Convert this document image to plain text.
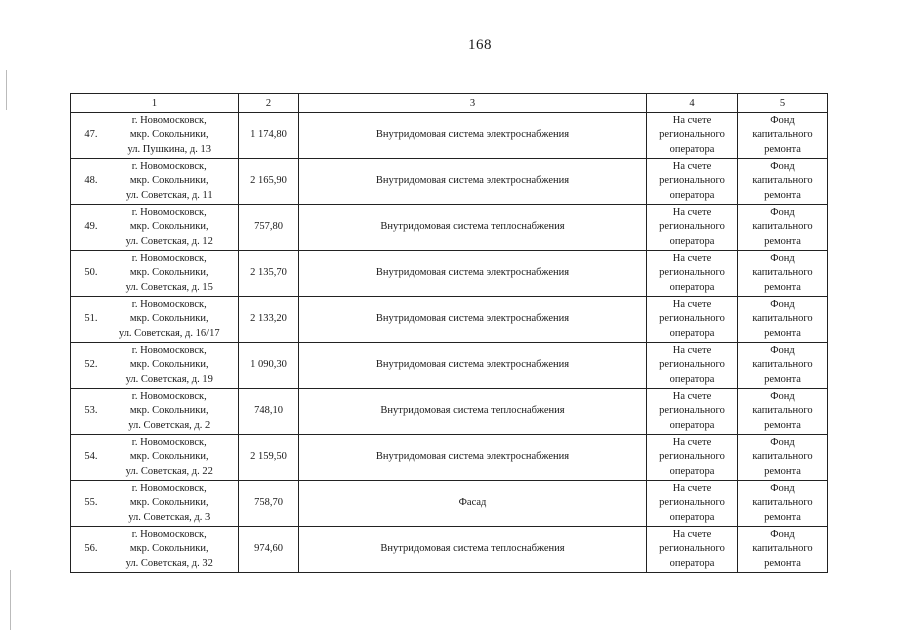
168
1		2	3	4	5
47.	г. Новомосковск,
мкр. Сокольники,
ул. Пушкина, д. 13	1 174,80	Внутридомовая система электроснабжения	На счете
регионального
оператора	Фонд
капитального
ремонта
48.	г. Новомосковск,
мкр. Сокольники,
ул. Советская, д. 11	2 165,90	Внутридомовая система электроснабжения	На счете
регионального
оператора	Фонд
капитального
ремонта
49.	г. Новомосковск,
мкр. Сокольники,
ул. Советская, д. 12	757,80	Внутридомовая система теплоснабжения	На счете
регионального
оператора	Фонд
капитального
ремонта
50.	г. Новомосковск,
мкр. Сокольники,
ул. Советская, д. 15	2 135,70	Внутридомовая система электроснабжения	На счете
регионального
оператора	Фонд
капитального
ремонта
51.	г. Новомосковск,
мкр. Сокольники,
ул. Советская, д. 16/17	2 133,20	Внутридомовая система электроснабжения	На счете
регионального
оператора	Фонд
капитального
ремонта
52.	г. Новомосковск,
мкр. Сокольники,
ул. Советская, д. 19	1 090,30	Внутридомовая система электроснабжения	На счете
регионального
оператора	Фонд
капитального
ремонта
53.	г. Новомосковск,
мкр. Сокольники,
ул. Советская, д. 2	748,10	Внутридомовая система теплоснабжения	На счете
регионального
оператора	Фонд
капитального
ремонта
54.	г. Новомосковск,
мкр. Сокольники,
ул. Советская, д. 22	2 159,50	Внутридомовая система электроснабжения	На счете
регионального
оператора	Фонд
капитального
ремонта
55.	г. Новомосковск,
мкр. Сокольники,
ул. Советская, д. 3	758,70	Фасад	На счете
регионального
оператора	Фонд
капитального
ремонта
56.	г. Новомосковск,
мкр. Сокольники,
ул. Советская, д. 32	974,60	Внутридомовая система теплоснабжения	На счете
регионального
оператора	Фонд
капитального
ремонта
